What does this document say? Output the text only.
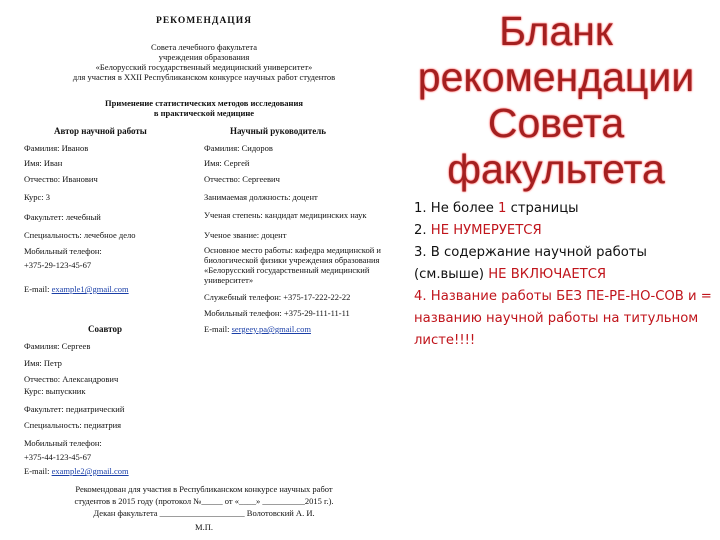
РЕКОМЕНДАЦИЯ
Совета лечебного факультета
учреждения образования
«Белорусский государственный медицинский университет»
для участия в XXII Республиканском конкурсе научных работ студентов
Применение статистических методов исследования
в практической медицине
Автор научной работы	Научный руководитель
Фамилия: Иванов
Имя: Иван
Отчество: Иванович
Курс: 3
Факультет: лечебный
Специальность: лечебное дело
Мобильный телефон:
+375-29-123-45-67
E-mail: example1@gmail.com
Фамилия: Сидоров
Имя: Сергей
Отчество: Сергеевич
Занимаемая должность: доцент
Ученая степень: кандидат медицинских наук
Ученое звание: доцент
Основное место работы: кафедра медицинской и биологической физики учреждения образования «Белорусский государственный медицинский университет»
Служебный телефон: +375-17-222-22-22
Мобильный телефон: +375-29-111-11-11
E-mail: sergeey.pa@gmail.com
Соавтор
Фамилия: Сергеев
Имя: Петр
Отчество: Александрович
Курс: выпускник
Факультет: педиатрический
Специальность: педиатрия
Мобильный телефон:
+375-44-123-45-67
E-mail: example2@gmail.com
Рекомендован для участия в Республиканском конкурсе научных работ
студентов в 2015 году (протокол №_____ от «____» __________2015 г.).
Декан факультета ____________________ Волотовский А. И.
М.П.
Бланк
рекомендации
Совета
факультета

1. Не более 1 страницы

2. НЕ НУМЕРУЕТСЯ

3. В содержание научной работы (см.выше) НЕ ВКЛЮЧАЕТСЯ

4. Название работы БЕЗ ПЕ-РЕ-НО-СОВ и = названию научной работы на титульном листе!!!!
